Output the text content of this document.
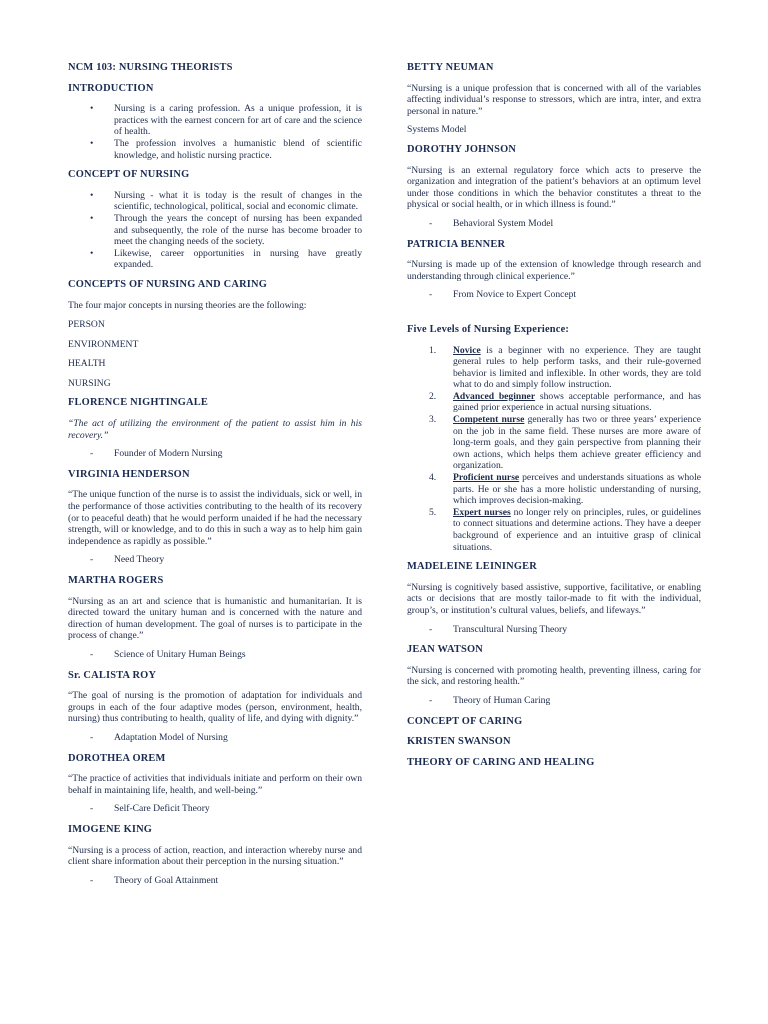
NCM 103: NURSING THEORISTS
INTRODUCTION
• Nursing is a caring profession. As a unique profession, it is practices with the earnest concern for art of care and the science of health.
• The profession involves a humanistic blend of scientific knowledge, and holistic nursing practice.
CONCEPT OF NURSING
• Nursing - what it is today is the result of changes in the scientific, technological, political, social and economic climate.
• Through the years the concept of nursing has been expanded and subsequently, the role of the nurse has become broader to meet the changing needs of the society.
• Likewise, career opportunities in nursing have greatly expanded.
CONCEPTS OF NURSING AND CARING
The four major concepts in nursing theories are the following:
PERSON
ENVIRONMENT
HEALTH
NURSING
FLORENCE NIGHTINGALE
“The act of utilizing the environment of the patient to assist him in his recovery.”
- Founder of Modern Nursing
VIRGINIA HENDERSON
“The unique function of the nurse is to assist the individuals, sick or well, in the performance of those activities contributing to the health of its recovery (or to peaceful death) that he would perform unaided if he had the necessary strength, will or knowledge, and to do this in such a way as to help him gain independence as rapidly as possible.”
- Need Theory
MARTHA ROGERS
“Nursing as an art and science that is humanistic and humanitarian. It is directed toward the unitary human and is concerned with the nature and direction of human development. The goal of nurses is to participate in the process of change.”
- Science of Unitary Human Beings
Sr. CALISTA ROY
“The goal of nursing is the promotion of adaptation for individuals and groups in each of the four adaptive modes (person, environment, health, nursing) thus contributing to health, quality of life, and dying with dignity.”
- Adaptation Model of Nursing
DOROTHEA OREM
“The practice of activities that individuals initiate and perform on their own behalf in maintaining life, health, and well-being.”
- Self-Care Deficit Theory
IMOGENE KING
“Nursing is a process of action, reaction, and interaction whereby nurse and client share information about their perception in the nursing situation.”
- Theory of Goal Attainment
BETTY NEUMAN
“Nursing is a unique profession that is concerned with all of the variables affecting individual’s response to stressors, which are intra, inter, and extra personal in nature.”
Systems Model
DOROTHY JOHNSON
“Nursing is an external regulatory force which acts to preserve the organization and integration of the patient’s behaviors at an optimum level under those conditions in which the behavior constitutes a threat to the physical or social health, or in which illness is found.”
- Behavioral System Model
PATRICIA BENNER
“Nursing is made up of the extension of knowledge through research and understanding through clinical experience.”
- From Novice to Expert Concept
Five Levels of Nursing Experience:
1. Novice is a beginner with no experience. They are taught general rules to help perform tasks, and their rule-governed behavior is limited and inflexible. In other words, they are told what to do and simply follow instruction.
2. Advanced beginner shows acceptable performance, and has gained prior experience in actual nursing situations.
3. Competent nurse generally has two or three years’ experience on the job in the same field. These nurses are more aware of long-term goals, and they gain perspective from planning their own actions, which helps them achieve greater efficiency and organization.
4. Proficient nurse perceives and understands situations as whole parts. He or she has a more holistic understanding of nursing, which improves decision-making.
5. Expert nurses no longer rely on principles, rules, or guidelines to connect situations and determine actions. They have a deeper background of experience and an intuitive grasp of clinical situations.
MADELEINE LEININGER
“Nursing is cognitively based assistive, supportive, facilitative, or enabling acts or decisions that are mostly tailor-made to fit with the individual, group’s, or institution’s cultural values, beliefs, and lifeways.”
- Transcultural Nursing Theory
JEAN WATSON
“Nursing is concerned with promoting health, preventing illness, caring for the sick, and restoring health.”
- Theory of Human Caring
CONCEPT OF CARING
KRISTEN SWANSON
THEORY OF CARING AND HEALING
